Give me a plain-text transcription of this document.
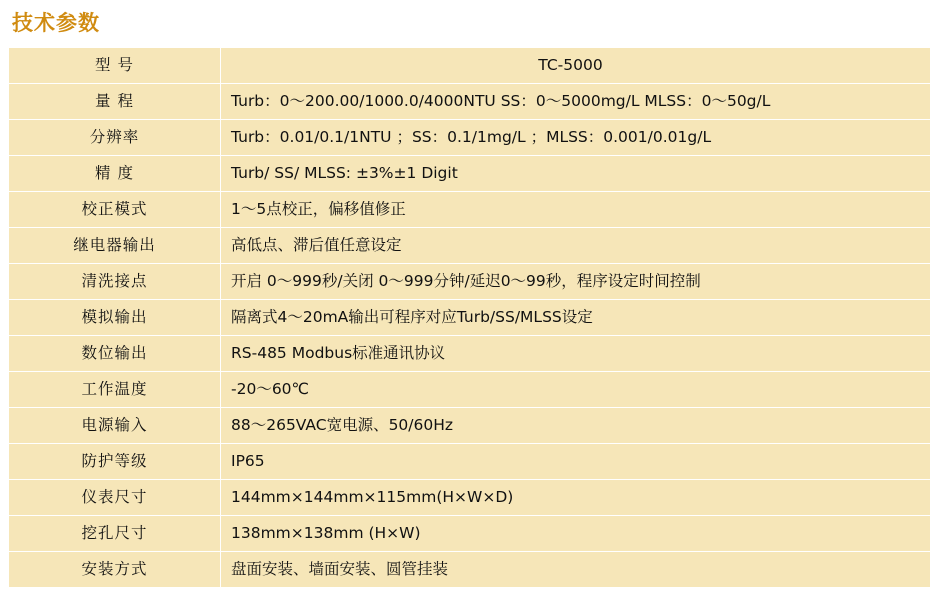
技术参数
型 号	TC-5000
量 程	Turb：0～200.00/1000.0/4000NTU SS：0～5000mg/L MLSS：0～50g/L
分辨率	Turb：0.01/0.1/1NTU ；SS：0.1/1mg/L ；MLSS：0.001/0.01g/L
精 度	Turb/ SS/ MLSS: ±3%±1 Digit
校正模式	1～5点校正，偏移值修正
继电器输出	高低点、滞后值任意设定
清洗接点	开启 0～999秒/关闭 0～999分钟/延迟0～99秒，程序设定时间控制
模拟输出	隔离式4～20mA输出可程序对应Turb/SS/MLSS设定
数位输出	RS-485 Modbus标准通讯协议
工作温度	-20～60℃
电源输入	88～265VAC宽电源、50/60Hz
防护等级	IP65
仪表尺寸	144mm×144mm×115mm(H×W×D)
挖孔尺寸	138mm×138mm (H×W)
安装方式	盘面安装、墙面安装、圆管挂装
